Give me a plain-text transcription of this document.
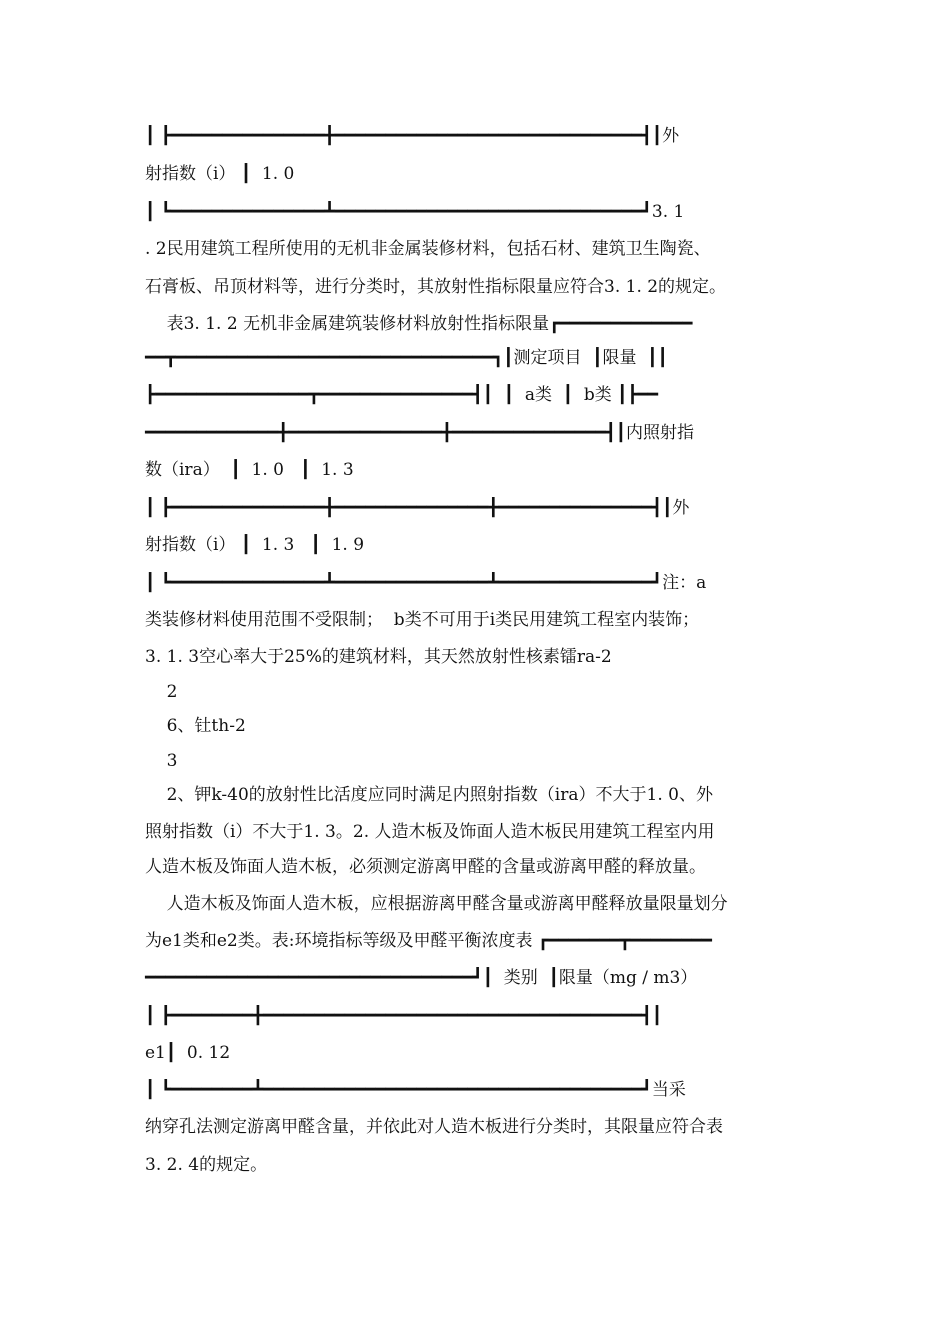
┃ ┣━━━━━━━━━━━━━━━╋━━━━━━━━━━━━━━━━━━━━━━━━━━━━━━┫┃外
射指数（i） ┃  1. 0
┃ ┗━━━━━━━━━━━━━━━┻━━━━━━━━━━━━━━━━━━━━━━━━━━━━━━┛3. 1
. 2民用建筑工程所使用的无机非金属装修材料，包括石材、建筑卫生陶瓷、
石膏板、吊顶材料等，进行分类时，其放射性指标限量应符合3. 1. 2的规定。
表3. 1. 2 无机非金属建筑装修材料放射性指标限量┏━━━━━━━━━━━━━
━━┳━━━━━━━━━━━━━━━━━━━━━━━━━━━━━━━┓┃测定项目  ┃限量  ┃┃
┣━━━━━━━━━━━━━━━┳━━━━━━━━━━━━━━━┫┃  ┃  a类  ┃  b类 ┃┣━━
━━━━━━━━━━━━━╋━━━━━━━━━━━━━━━╋━━━━━━━━━━━━━━━┫┃内照射指
数（ira）  ┃  1. 0   ┃  1. 3
┃ ┣━━━━━━━━━━━━━━━╋━━━━━━━━━━━━━━━╋━━━━━━━━━━━━━━━┫┃外
射指数（i） ┃  1. 3   ┃  1. 9
┃ ┗━━━━━━━━━━━━━━━┻━━━━━━━━━━━━━━━┻━━━━━━━━━━━━━━━┛注：a
类装修材料使用范围不受限制；  b类不可用于ⅰ类民用建筑工程室内装饰；
3. 1. 3空心率大于25%的建筑材料，其天然放射性核素镭ra-2
2
6、钍th-2
3
2、钾k-40的放射性比活度应同时满足内照射指数（ira）不大于1. 0、外
照射指数（i）不大于1. 3。2. 人造木板及饰面人造木板民用建筑工程室内用
人造木板及饰面人造木板，必须测定游离甲醛的含量或游离甲醛的释放量。
人造木板及饰面人造木板，应根据游离甲醛含量或游离甲醛释放量限量划分
为e1类和e2类。表:环境指标等级及甲醛平衡浓度表 ┏━━━━━━━┳━━━━━━━━
━━━━━━━━━━━━━━━━━━━━━━━━━━━━━━━━┛┃  类别  ┃限量（mg / m3）
┃ ┣━━━━━━━━╋━━━━━━━━━━━━━━━━━━━━━━━━━━━━━━━━━━━━━┫┃
e1┃  0. 12
┃ ┗━━━━━━━━┻━━━━━━━━━━━━━━━━━━━━━━━━━━━━━━━━━━━━━┛当采
纳穿孔法测定游离甲醛含量，并依此对人造木板进行分类时，其限量应符合表
3. 2. 4的规定。
